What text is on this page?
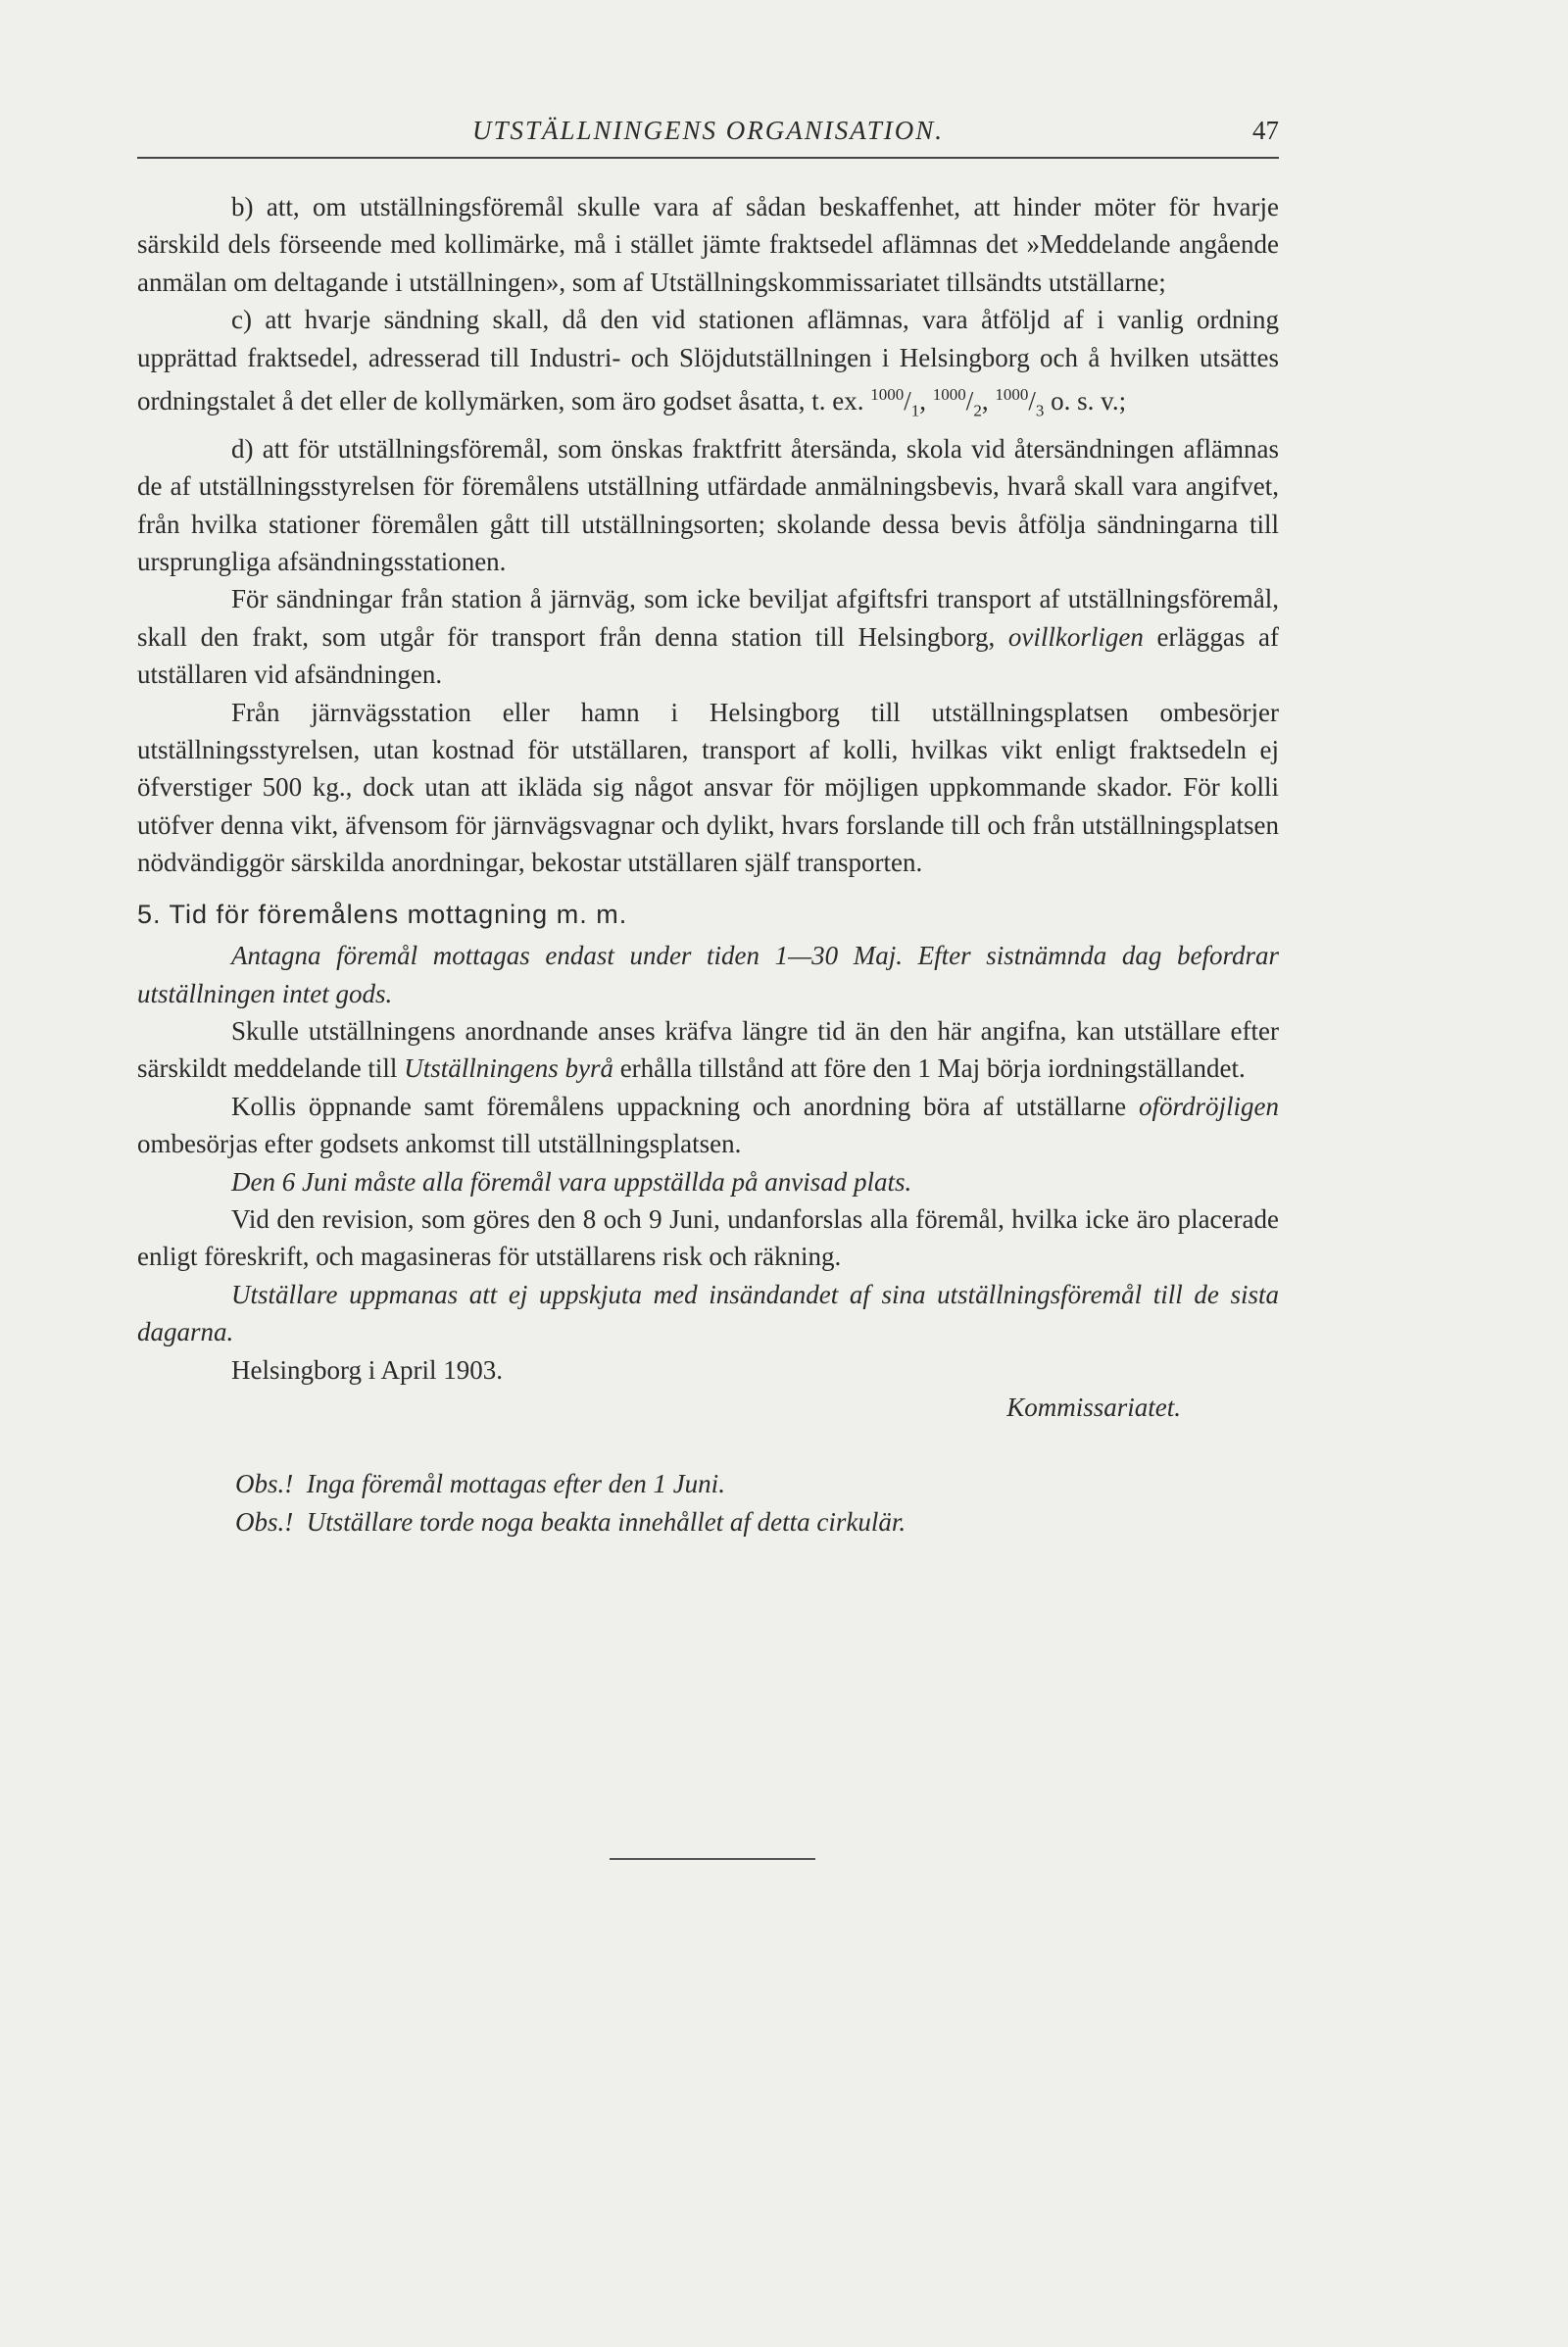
UTSTÄLLNINGENS ORGANISATION.	47

b) att, om utställningsföremål skulle vara af sådan beskaffenhet, att hinder möter för hvarje särskild dels förseende med kollimärke, må i stället jämte fraktsedel aflämnas det »Meddelande angående anmälan om deltagande i utställningen», som af Utställningskommissariatet tillsändts utställarne;

c) att hvarje sändning skall, då den vid stationen aflämnas, vara åtföljd af i vanlig ordning upprättad fraktsedel, adresserad till Industri- och Slöjdutställningen i Helsingborg och å hvilken utsättes ordningstalet å det eller de kollymärken, som äro godset åsatta, t. ex. $^{1000}/_1$, $^{1000}/_2$, $^{1000}/_3$ o. s. v.;

d) att för utställningsföremål, som önskas fraktfritt återsända, skola vid återsändningen aflämnas de af utställningsstyrelsen för föremålens utställning utfärdade anmälningsbevis, hvarå skall vara angifvet, från hvilka stationer föremålen gått till utställningsorten; skolande dessa bevis åtfölja sändningarna till ursprungliga afsändningsstationen.

För sändningar från station å järnväg, som icke beviljat afgiftsfri transport af utställningsföremål, skall den frakt, som utgår för transport från denna station till Helsingborg, ovillkorligen erläggas af utställaren vid afsändningen.

Från järnvägsstation eller hamn i Helsingborg till utställningsplatsen ombesörjer utställningsstyrelsen, utan kostnad för utställaren, transport af kolli, hvilkas vikt enligt fraktsedeln ej öfverstiger 500 kg., dock utan att ikläda sig något ansvar för möjligen uppkommande skador. För kolli utöfver denna vikt, äfvensom för järnvägsvagnar och dylikt, hvars forslande till och från utställningsplatsen nödvändiggör särskilda anordningar, bekostar utställaren själf transporten.

5. Tid för föremålens mottagning m. m.

Antagna föremål mottagas endast under tiden 1—30 Maj. Efter sistnämnda dag befordrar utställningen intet gods.

Skulle utställningens anordnande anses kräfva längre tid än den här angifna, kan utställare efter särskildt meddelande till Utställningens byrå erhålla tillstånd att före den 1 Maj börja iordningställandet.

Kollis öppnande samt föremålens uppackning och anordning böra af utställarne ofördröjligen ombesörjas efter godsets ankomst till utställningsplatsen.

Den 6 Juni måste alla föremål vara uppställda på anvisad plats.

Vid den revision, som göres den 8 och 9 Juni, undanforslas alla föremål, hvilka icke äro placerade enligt föreskrift, och magasineras för utställarens risk och räkning.

Utställare uppmanas att ej uppskjuta med insändandet af sina utställningsföremål till de sista dagarna.

Helsingborg i April 1903.

Kommissariatet.

Obs.! Inga föremål mottagas efter den 1 Juni.

Obs.! Utställare torde noga beakta innehållet af detta cirkulär.
